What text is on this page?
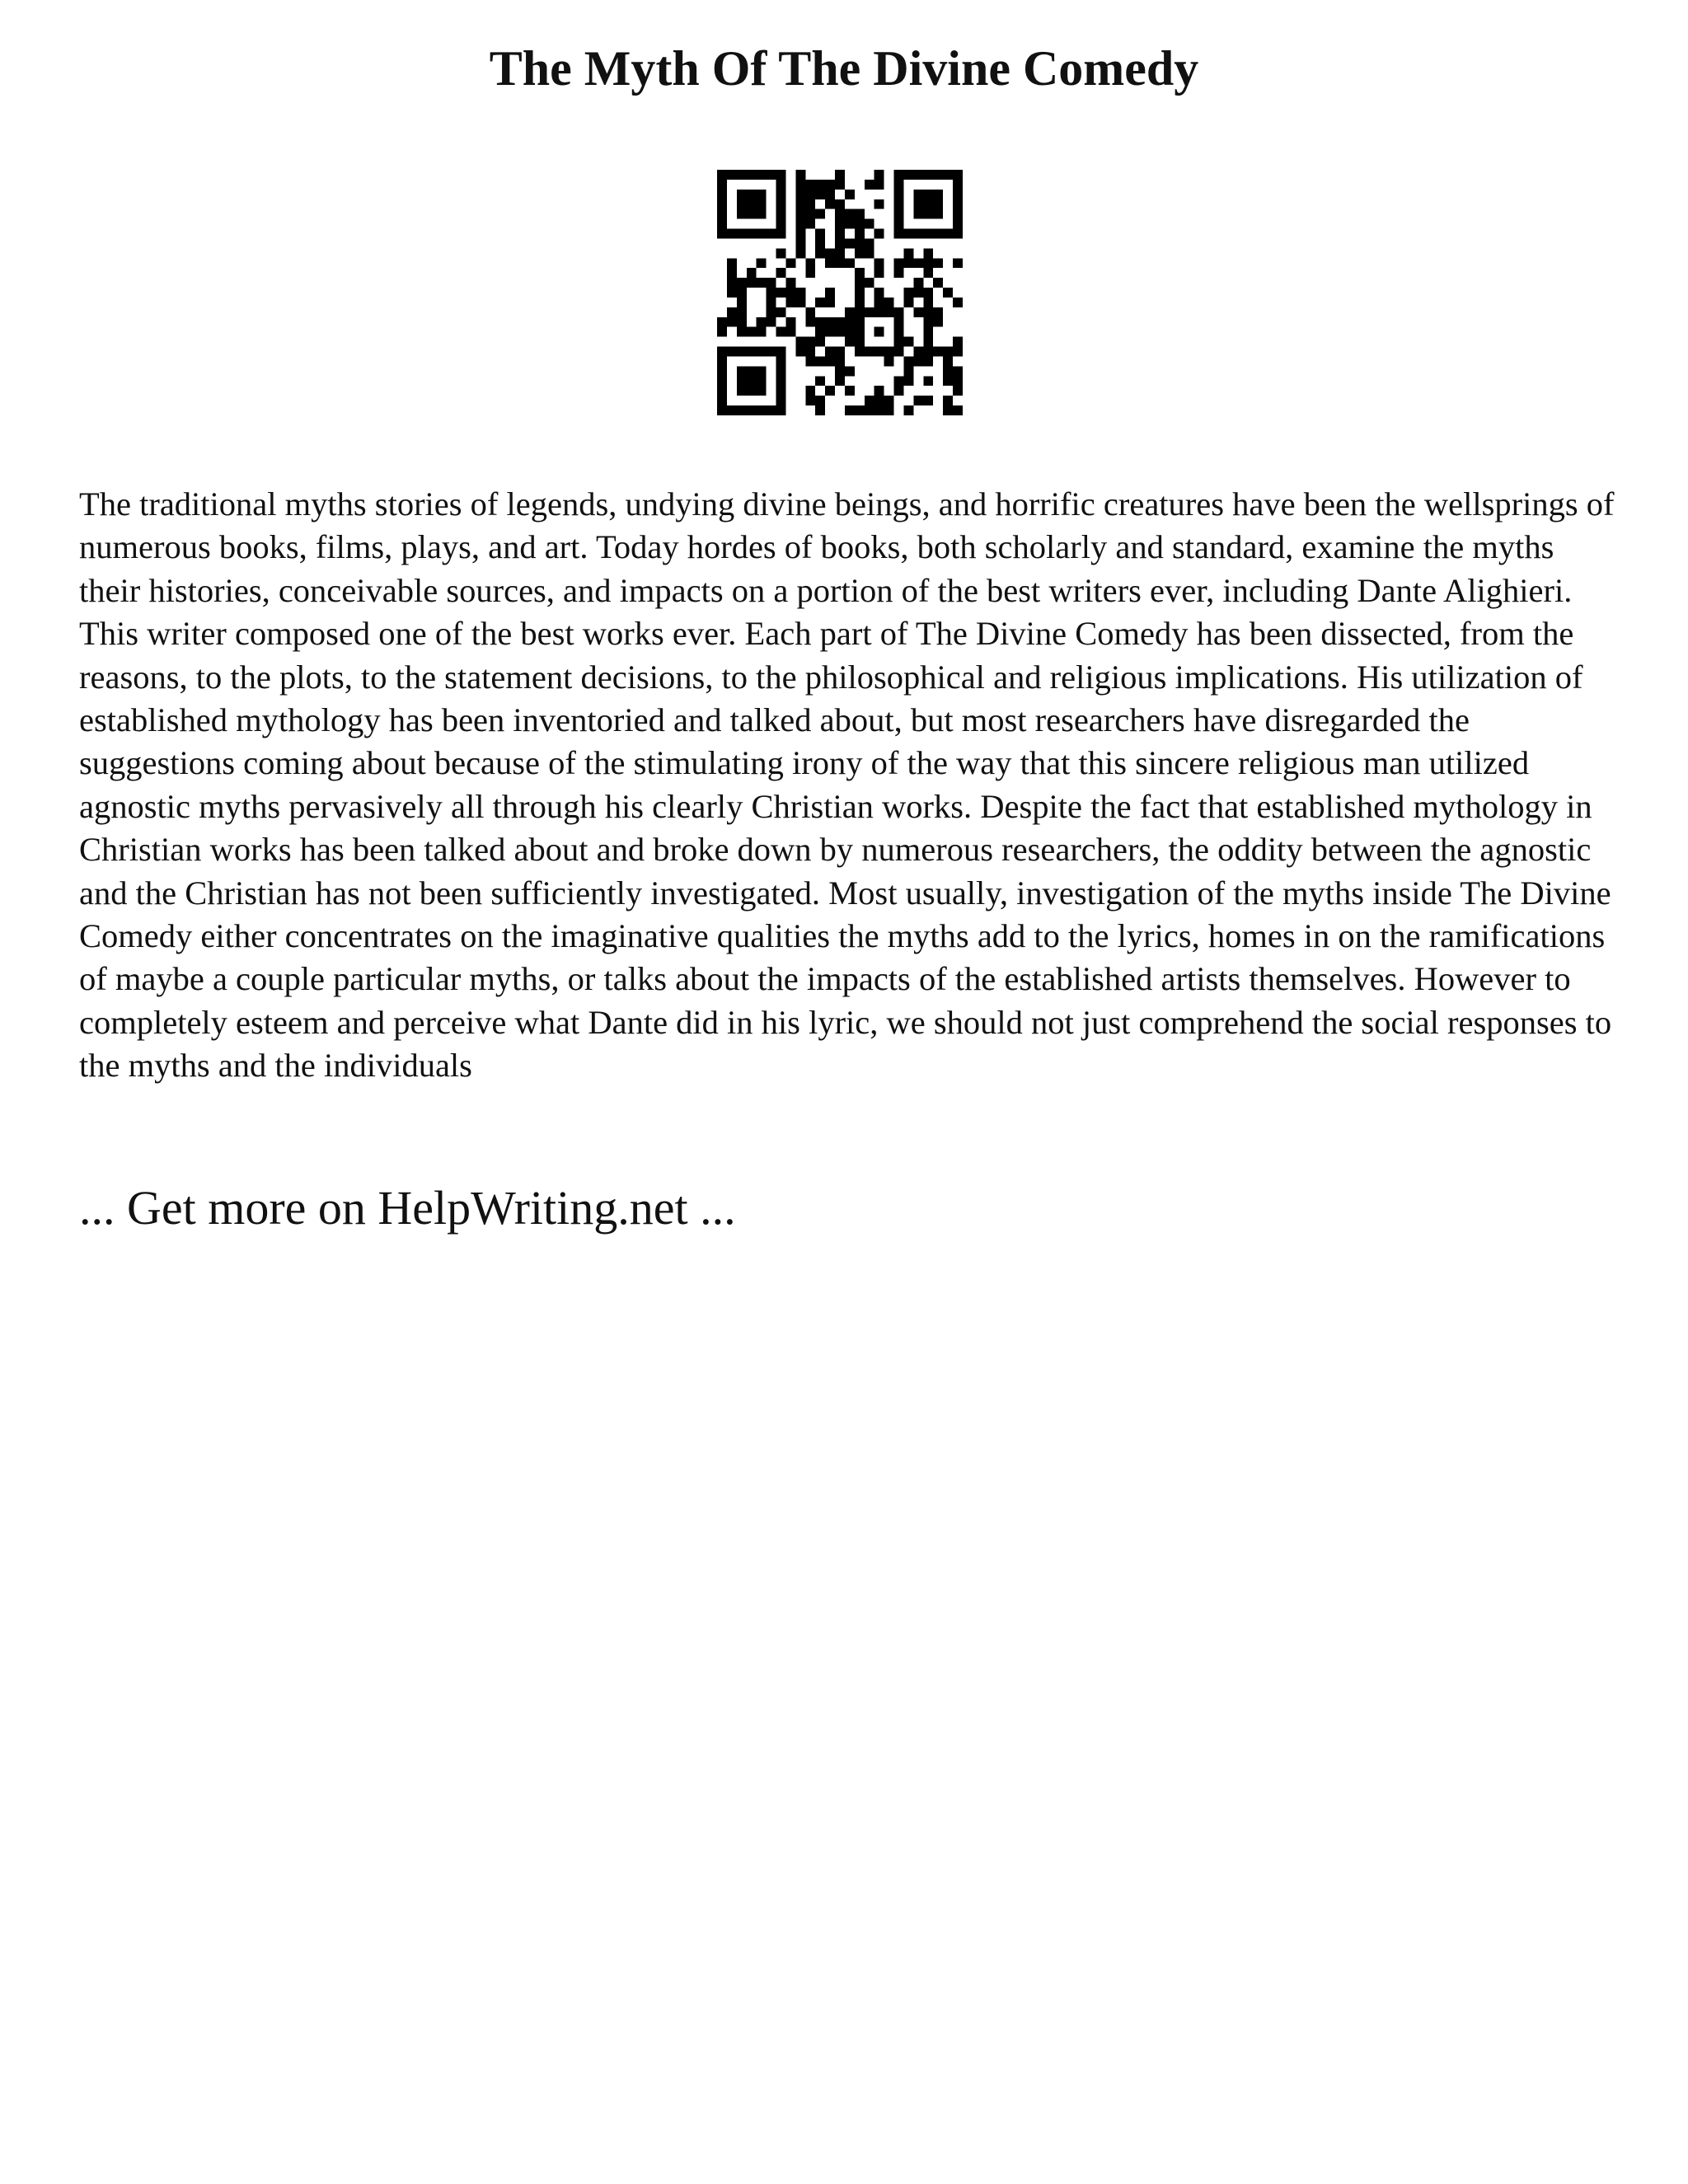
The Myth Of The Divine Comedy

The traditional myths stories of legends, undying divine beings, and horrific creatures have been the wellsprings of numerous books, films, plays, and art. Today hordes of books, both scholarly and standard, examine the myths their histories, conceivable sources, and impacts on a portion of the best writers ever, including Dante Alighieri. This writer composed one of the best works ever. Each part of The Divine Comedy has been dissected, from the reasons, to the plots, to the statement decisions, to the philosophical and religious implications. His utilization of established mythology has been inventoried and talked about, but most researchers have disregarded the suggestions coming about because of the stimulating irony of the way that this sincere religious man utilized agnostic myths pervasively all through his clearly Christian works. Despite the fact that established mythology in Christian works has been talked about and broke down by numerous researchers, the oddity between the agnostic and the Christian has not been sufficiently investigated. Most usually, investigation of the myths inside The Divine Comedy either concentrates on the imaginative qualities the myths add to the lyrics, homes in on the ramifications of maybe a couple particular myths, or talks about the impacts of the established artists themselves. However to completely esteem and perceive what Dante did in his lyric, we should not just comprehend the social responses to the myths and the individuals

... Get more on HelpWriting.net ...
